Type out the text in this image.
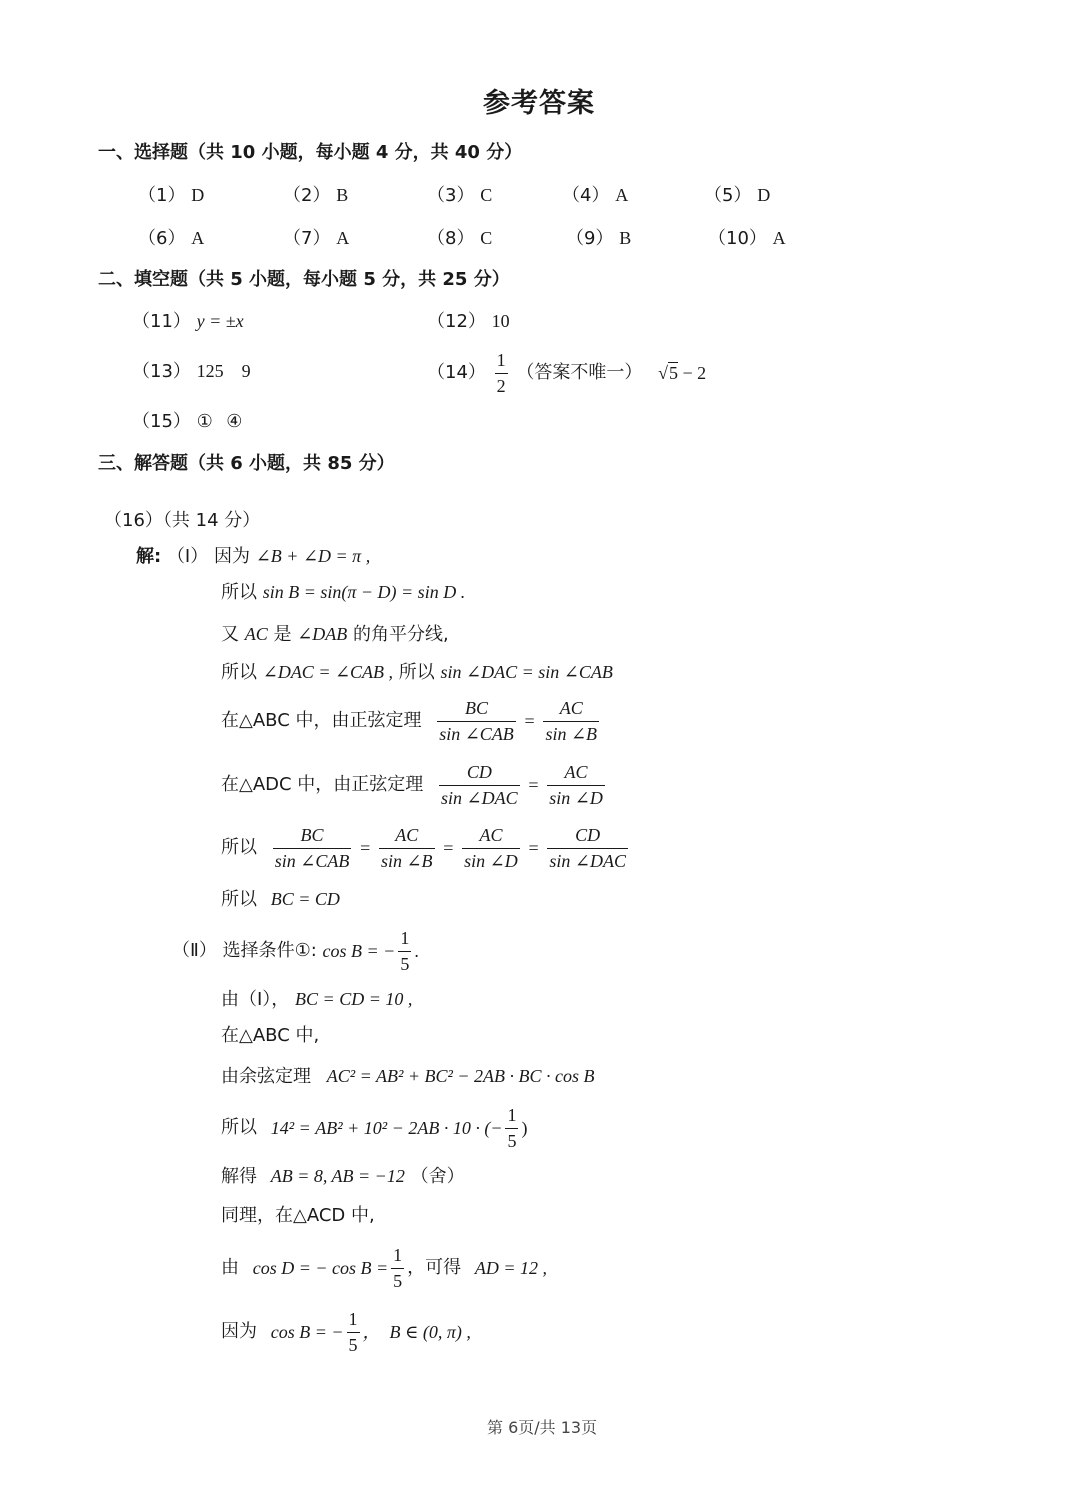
参考答案
一、选择题（共 10 小题，每小题 4 分，共 40 分）
（1） D	（2） B	（3） C	（4） A	（5） D
（6） A	（7） A	（8） C	（9） B	（10） A
二、填空题（共 5 小题，每小题 5 分，共 25 分）
（11） y = ±x	（12） 10
（13） 125    9	$(14) \frac{1}{2}$ （答案不唯一） √5 − 2
（15） ①   ④
三、解答题（共 6 小题，共 85 分）
（16）（共 14 分）
解: （Ⅰ） 因为 ∠B + ∠D = π ,
所以 sin B = sin(π − D) = sin D .
又 AC 是 ∠DAB 的角平分线,
所以 ∠DAC = ∠CAB , 所以 sin ∠DAC = sin ∠CAB
在△ABC 中，由正弦定理 $\frac{BC}{\text{sin ∠CAB}} = \frac{AC}{\sin \angle B}$
在△ADC 中，由正弦定理 $\frac{CD}{\text{sin ∠DAC}} = \frac{AC}{\sin \angle D}$
所以 $\frac{BC}{\text{sin ∠CAB}} = \frac{AC}{\sin \angle B} = \frac{AC}{\sin \angle D} = \frac{CD}{\text{sin ∠DAC}}$
所以 BC = CD
（Ⅱ） 选择条件①: cos B = − $\frac{1}{5}$ .
由（Ⅰ）， BC = CD = 10 ,
在△ABC 中,
由余弦定理 AC² = AB² + BC² − 2AB · BC · cos B
所以 14² = AB² + 10² − 2AB · 10 · (− $\frac{1}{5}$ )
解得 AB = 8, AB = −12 （舍）
同理，在△ACD 中,
由 cos D = − $\cos B = \frac{1}{5}$ ，可得 AD = 12 ,
因为 cos B = − $\frac{1}{5}$ ，  B ∈ (0, π) ,
第 6页/共 13页
